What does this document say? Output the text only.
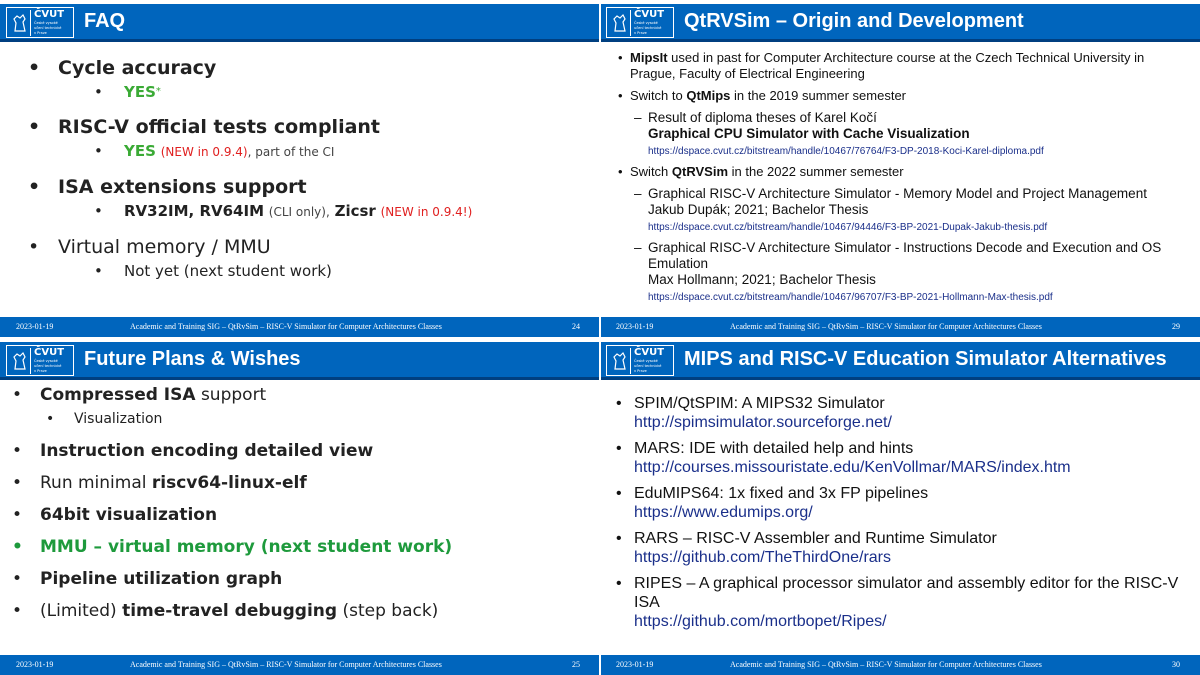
ČVUT
České vysoké
učení technické
v Praze
FAQ
• Cycle accuracy
•	YES *
• RISC-V official tests compliant
•	YES (NEW in 0.9.4), part of the CI
• ISA extensions support
•	RV32IM, RV64IM (CLI only), Zicsr (NEW in 0.9.4!)
• Virtual memory / MMU
•	Not yet (next student work)
2023-01-19	Academic and Training SIG – QtRvSim – RISC-V Simulator for Computer Architectures Classes	24
ČVUT
České vysoké
učení technické
v Praze
QtRVSim – Origin and Development
• MipsIt used in past for Computer Architecture course at the Czech Technical University in Prague, Faculty of Electrical Engineering
• Switch to QtMips in the 2019 summer semester
– Result of diploma theses of Karel Kočí
Graphical CPU Simulator with Cache Visualization
https://dspace.cvut.cz/bitstream/handle/10467/76764/F3-DP-2018-Koci-Karel-diploma.pdf
• Switch QtRVSim in the 2022 summer semester
– Graphical RISC-V Architecture Simulator - Memory Model and Project Management
Jakub Dupák; 2021; Bachelor Thesis
https://dspace.cvut.cz/bitstream/handle/10467/94446/F3-BP-2021-Dupak-Jakub-thesis.pdf
– Graphical RISC-V Architecture Simulator - Instructions Decode and Execution and OS Emulation
Max Hollmann; 2021; Bachelor Thesis
https://dspace.cvut.cz/bitstream/handle/10467/96707/F3-BP-2021-Hollmann-Max-thesis.pdf
2023-01-19	Academic and Training SIG – QtRvSim – RISC-V Simulator for Computer Architectures Classes	29
ČVUT
České vysoké
učení technické
v Praze
Future Plans & Wishes
•	Compressed ISA support
•	Visualization
•	Instruction encoding detailed view
•	Run minimal riscv64-linux-elf
•	64bit visualization
•	MMU – virtual memory (next student work)
•	Pipeline utilization graph
•	(Limited) time-travel debugging (step back)
2023-01-19	Academic and Training SIG – QtRvSim – RISC-V Simulator for Computer Architectures Classes	25
ČVUT
České vysoké
učení technické
v Praze
MIPS and RISC-V Education Simulator Alternatives
• SPIM/QtSPIM: A MIPS32 Simulator
http://spimsimulator.sourceforge.net/
• MARS: IDE with detailed help and hints
http://courses.missouristate.edu/KenVollmar/MARS/index.htm
• EduMIPS64: 1x fixed and 3x FP pipelines
https://www.edumips.org/
• RARS – RISC-V Assembler and Runtime Simulator
https://github.com/TheThirdOne/rars
• RIPES – A graphical processor simulator and assembly editor for the RISC-V ISA
https://github.com/mortbopet/Ripes/
2023-01-19	Academic and Training SIG – QtRvSim – RISC-V Simulator for Computer Architectures Classes	30
